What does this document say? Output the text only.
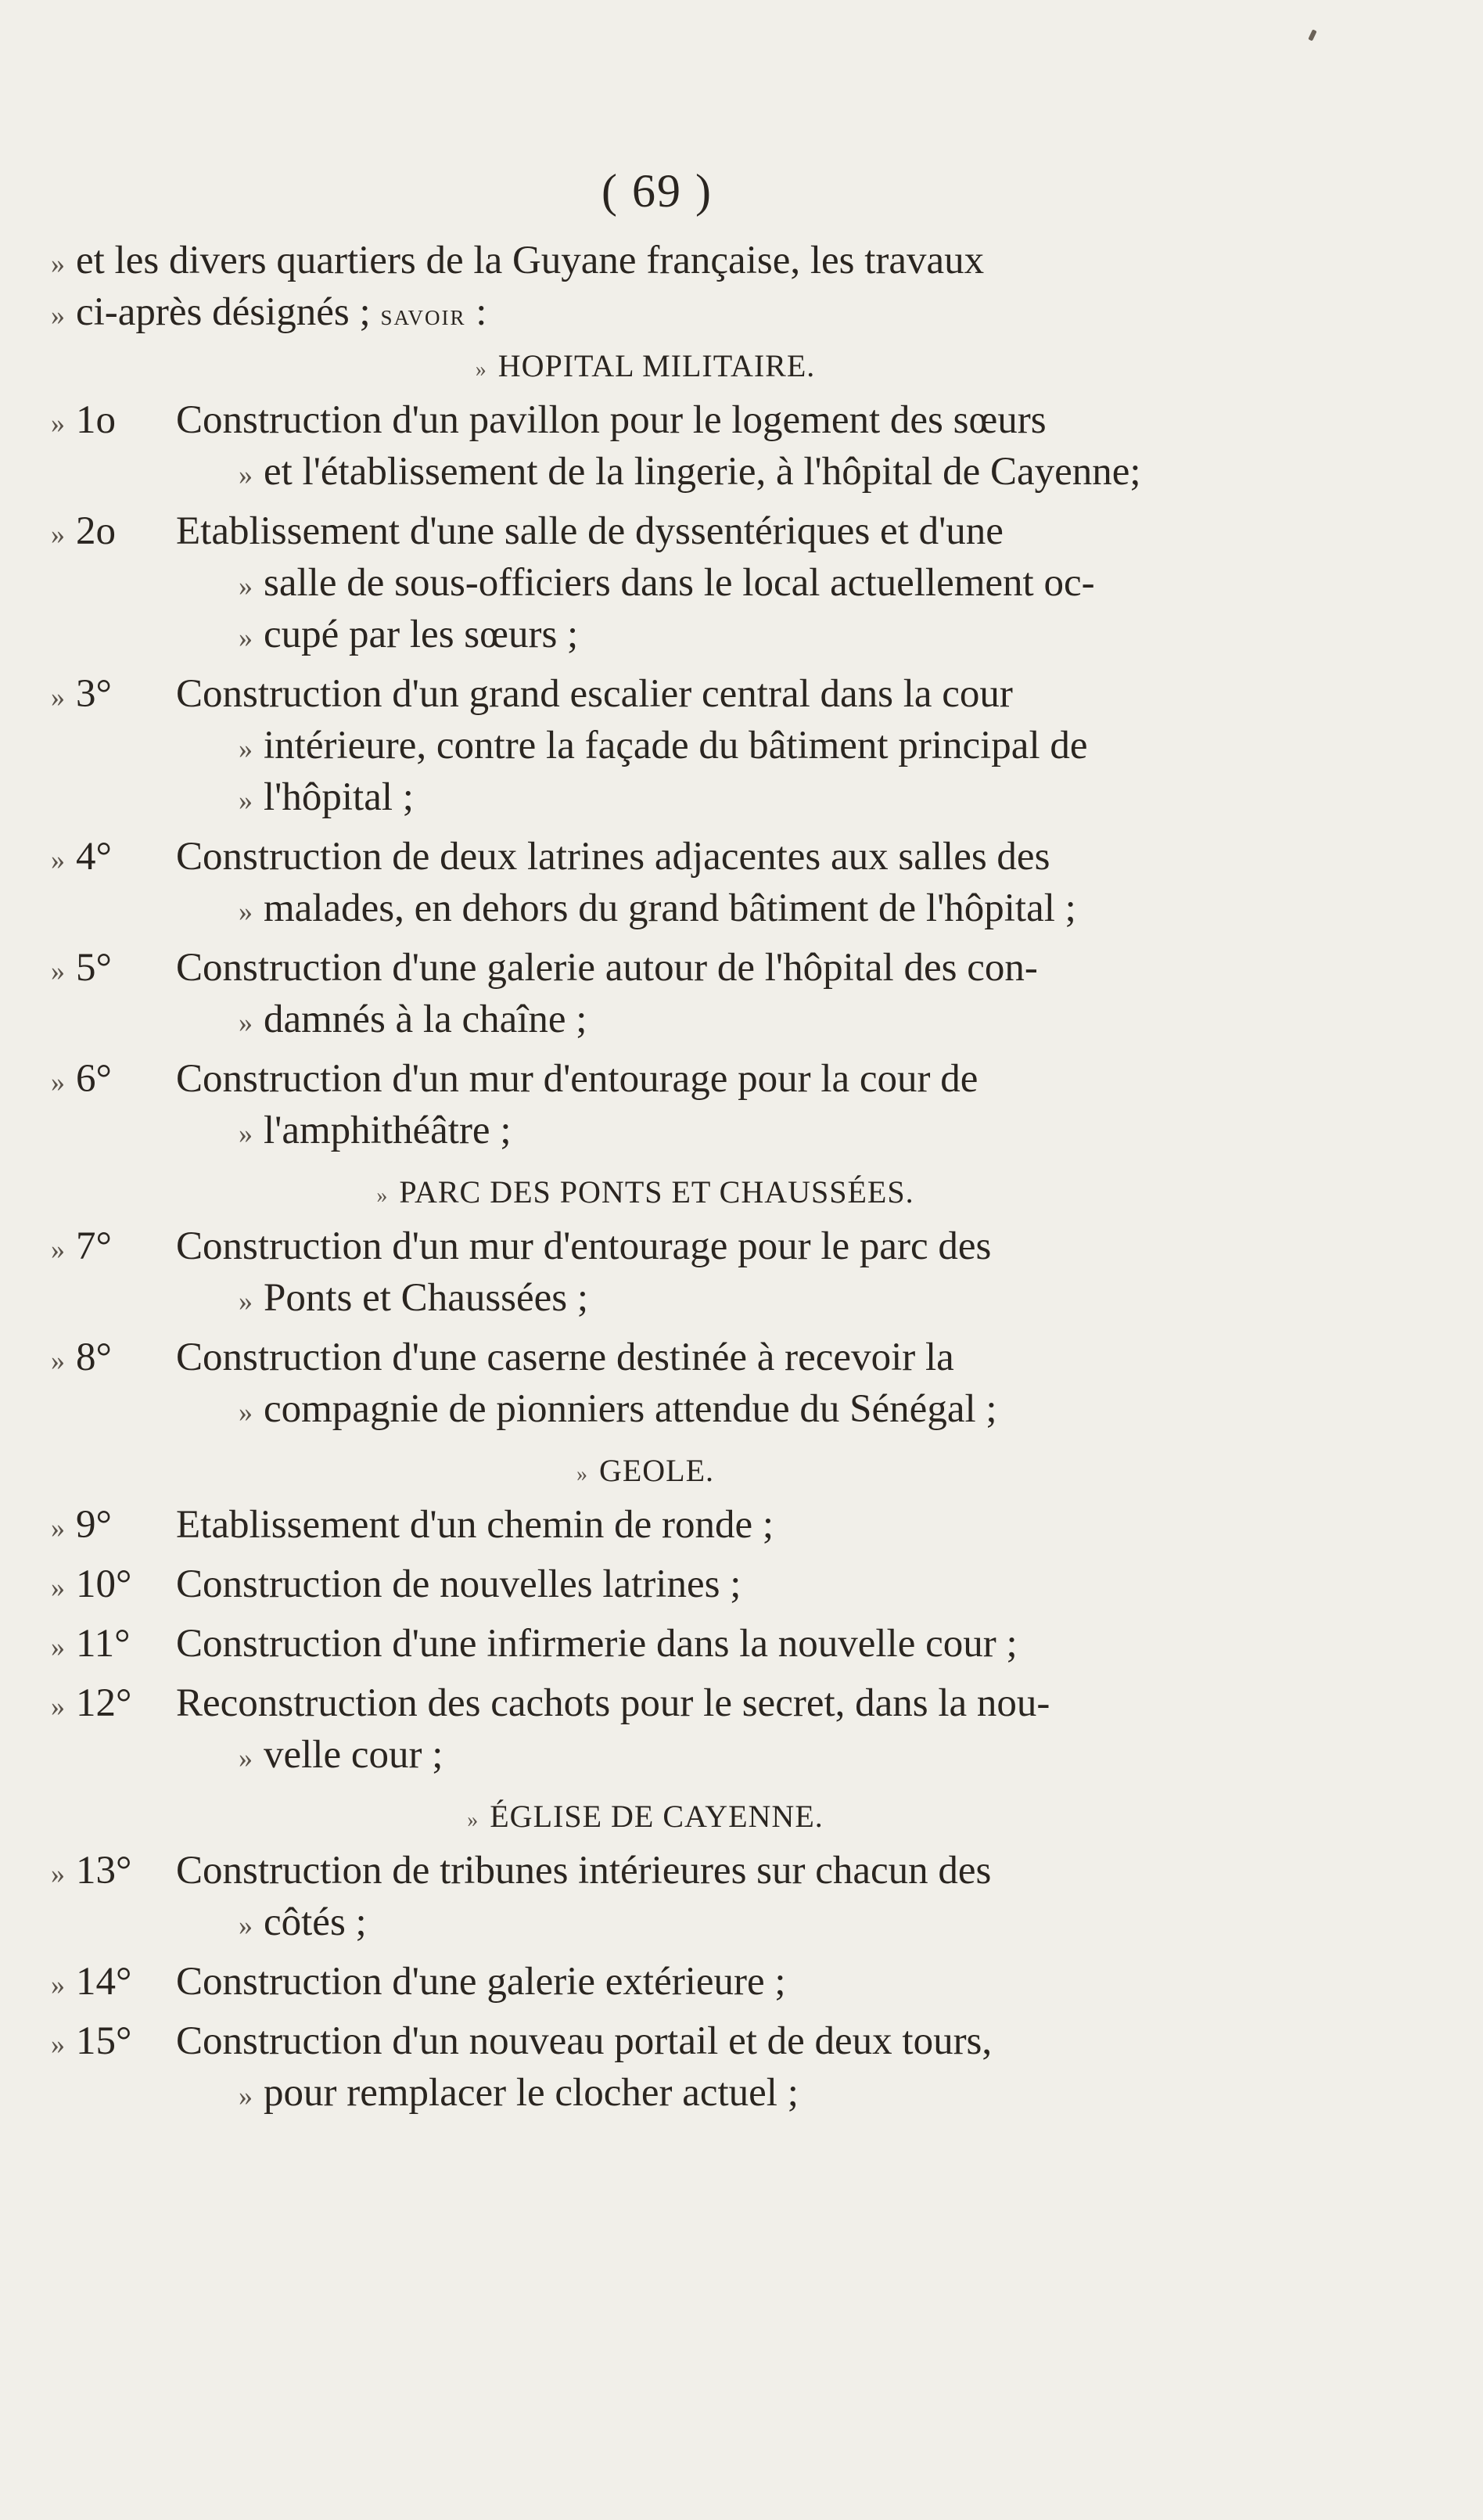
( 69 )
» et les divers quartiers de la Guyane française, les travaux
» ci-après désignés ; savoir :
» HOPITAL MILITAIRE.
» 1o Construction d'un pavillon pour le logement des sœurs
» et l'établissement de la lingerie, à l'hôpital de Cayenne;
» 2o Etablissement d'une salle de dyssentériques et d'une
» salle de sous-officiers dans le local actuellement oc-
» cupé par les sœurs ;
» 3° Construction d'un grand escalier central dans la cour
» intérieure, contre la façade du bâtiment principal de
» l'hôpital ;
» 4° Construction de deux latrines adjacentes aux salles des
» malades, en dehors du grand bâtiment de l'hôpital ;
» 5° Construction d'une galerie autour de l'hôpital des con-
» damnés à la chaîne ;
» 6° Construction d'un mur d'entourage pour la cour de
» l'amphithéâtre ;
» PARC DES PONTS ET CHAUSSÉES.
» 7° Construction d'un mur d'entourage pour le parc des
» Ponts et Chaussées ;
» 8° Construction d'une caserne destinée à recevoir la
» compagnie de pionniers attendue du Sénégal ;
» GEOLE.
» 9° Etablissement d'un chemin de ronde ;
» 10° Construction de nouvelles latrines ;
» 11° Construction d'une infirmerie dans la nouvelle cour ;
» 12° Reconstruction des cachots pour le secret, dans la nou-
» velle cour ;
» ÉGLISE DE CAYENNE.
» 13° Construction de tribunes intérieures sur chacun des
» côtés ;
» 14° Construction d'une galerie extérieure ;
» 15° Construction d'un nouveau portail et de deux tours,
» pour remplacer le clocher actuel ;
